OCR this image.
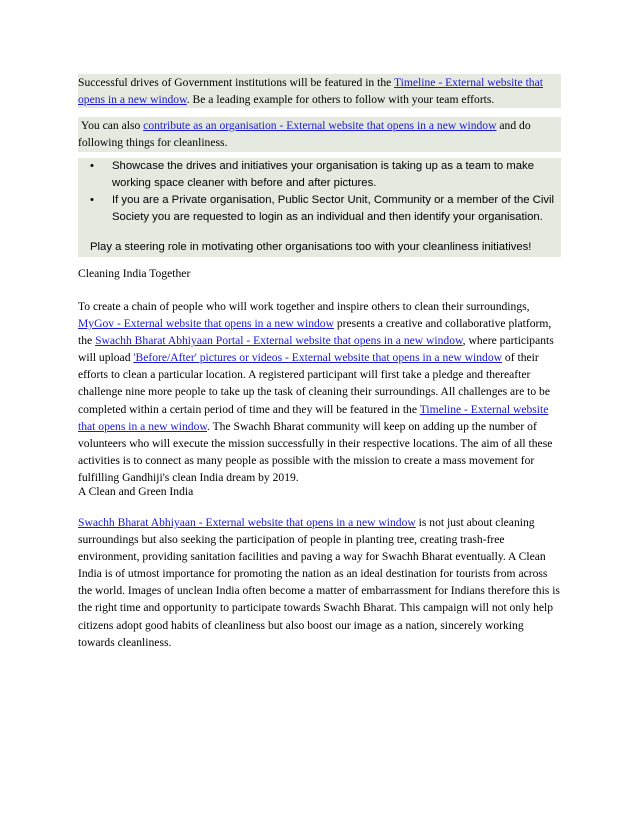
Successful drives of Government institutions will be featured in the Timeline - External website that opens in a new window. Be a leading example for others to follow with your team efforts.
You can also contribute as an organisation - External website that opens in a new window and do following things for cleanliness.
• Showcase the drives and initiatives your organisation is taking up as a team to make working space cleaner with before and after pictures.
• If you are a Private organisation, Public Sector Unit, Community or a member of the Civil Society you are requested to login as an individual and then identify your organisation.
Play a steering role in motivating other organisations too with your cleanliness initiatives!
Cleaning India Together
To create a chain of people who will work together and inspire others to clean their surroundings, MyGov - External website that opens in a new window presents a creative and collaborative platform, the Swachh Bharat Abhiyaan Portal - External website that opens in a new window, where participants will upload 'Before/After' pictures or videos - External website that opens in a new window of their efforts to clean a particular location. A registered participant will first take a pledge and thereafter challenge nine more people to take up the task of cleaning their surroundings. All challenges are to be completed within a certain period of time and they will be featured in the Timeline - External website that opens in a new window. The Swachh Bharat community will keep on adding up the number of volunteers who will execute the mission successfully in their respective locations. The aim of all these activities is to connect as many people as possible with the mission to create a mass movement for fulfilling Gandhiji's clean India dream by 2019.
A Clean and Green India
Swachh Bharat Abhiyaan - External website that opens in a new window is not just about cleaning surroundings but also seeking the participation of people in planting tree, creating trash-free environment, providing sanitation facilities and paving a way for Swachh Bharat eventually. A Clean India is of utmost importance for promoting the nation as an ideal destination for tourists from across the world. Images of unclean India often become a matter of embarrassment for Indians therefore this is the right time and opportunity to participate towards Swachh Bharat. This campaign will not only help citizens adopt good habits of cleanliness but also boost our image as a nation, sincerely working towards cleanliness.
